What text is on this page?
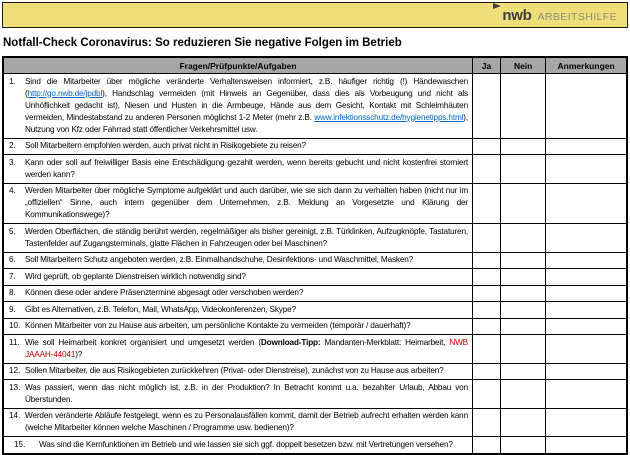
nwb ARBEITSHILFE
Notfall-Check Coronavirus: So reduzieren Sie negative Folgen im Betrieb
Fragen/Prüfpunkte/Aufgaben	Ja	Nein	Anmerkungen

1. Sind die Mitarbeiter über mögliche veränderte Verhaltensweisen informiert, z.B. häufiger richtig (!) Händewaschen (http://go.nwb.de/jpdbl), Handschlag vermeiden (mit Hinweis an Gegenüber, dass dies als Vorbeugung und nicht als Unhöflichkeit gedacht ist), Niesen und Husten in die Armbeuge, Hände aus dem Gesicht, Kontakt mit Schleimhäuten vermeiden, Mindestabstand zu anderen Personen möglichst 1-2 Meter (mehr z.B. www.infektionsschutz.de/hygienetipps.html), Nutzung von Kfz oder Fahrrad statt öffentlicher Verkehrsmittel usw.			

2. Soll Mitarbeitern empfohlen werden, auch privat nicht in Risikogebiete zu reisen?			

3. Kann oder soll auf freiwilliger Basis eine Entschädigung gezahlt werden, wenn bereits gebucht und nicht kostenfrei storniert werden kann?			

4. Werden Mitarbeiter über mögliche Symptome aufgeklärt und auch darüber, wie sie sich dann zu verhalten haben (nicht nur im „offiziellen“ Sinne, auch intern gegenüber dem Unternehmen, z.B. Meldung an Vorgesetzte und Klärung der Kommunikationswege)?			

5. Werden Oberflächen, die ständig berührt werden, regelmäßiger als bisher gereinigt, z.B. Türklinken, Aufzugknöpfe, Tastaturen, Tastenfelder auf Zugangsterminals, glatte Flächen in Fahrzeugen oder bei Maschinen?			

6. Soll Mitarbeitern Schutz angeboten werden, z.B. Einmalhandschuhe, Desinfektions- und Waschmittel, Masken?			

7. Wird geprüft, ob geplante Dienstreisen wirklich notwendig sind?			

8. Können diese oder andere Präsenztermine abgesagt oder verschoben werden?			

9. Gibt es Alternativen, z.B. Telefon, Mail, WhatsApp, Videokonferenzen, Skype?			

10. Können Mitarbeiter von zu Hause aus arbeiten, um persönliche Kontakte zu vermeiden (temporär / dauerhaft)?			

11. Wie soll Heimarbeit konkret organisiert und umgesetzt werden (Download-Tipp: Mandanten-Merkblatt: Heimarbeit, NWB JAAAH-44041)?			

12. Sollen Mitarbeiter, die aus Risikogebieten zurückkehren (Privat- oder Dienstreise), zunächst von zu Hause aus arbeiten?			

13. Was passiert, wenn das nicht möglich ist, z.B. in der Produktion? In Betracht kommt u.a. bezahlter Urlaub, Abbau von Überstunden.			

14. Werden veränderte Abläufe festgelegt, wenn es zu Personalausfällen kommt, damit der Betrieb aufrecht erhalten werden kann (welche Mitarbeiter können welche Maschinen / Programme usw. bedienen)?			

15. Was sind die Kernfunktionen im Betrieb und wie lassen sie sich ggf. doppelt besetzen bzw. mit Vertretungen versehen?			
